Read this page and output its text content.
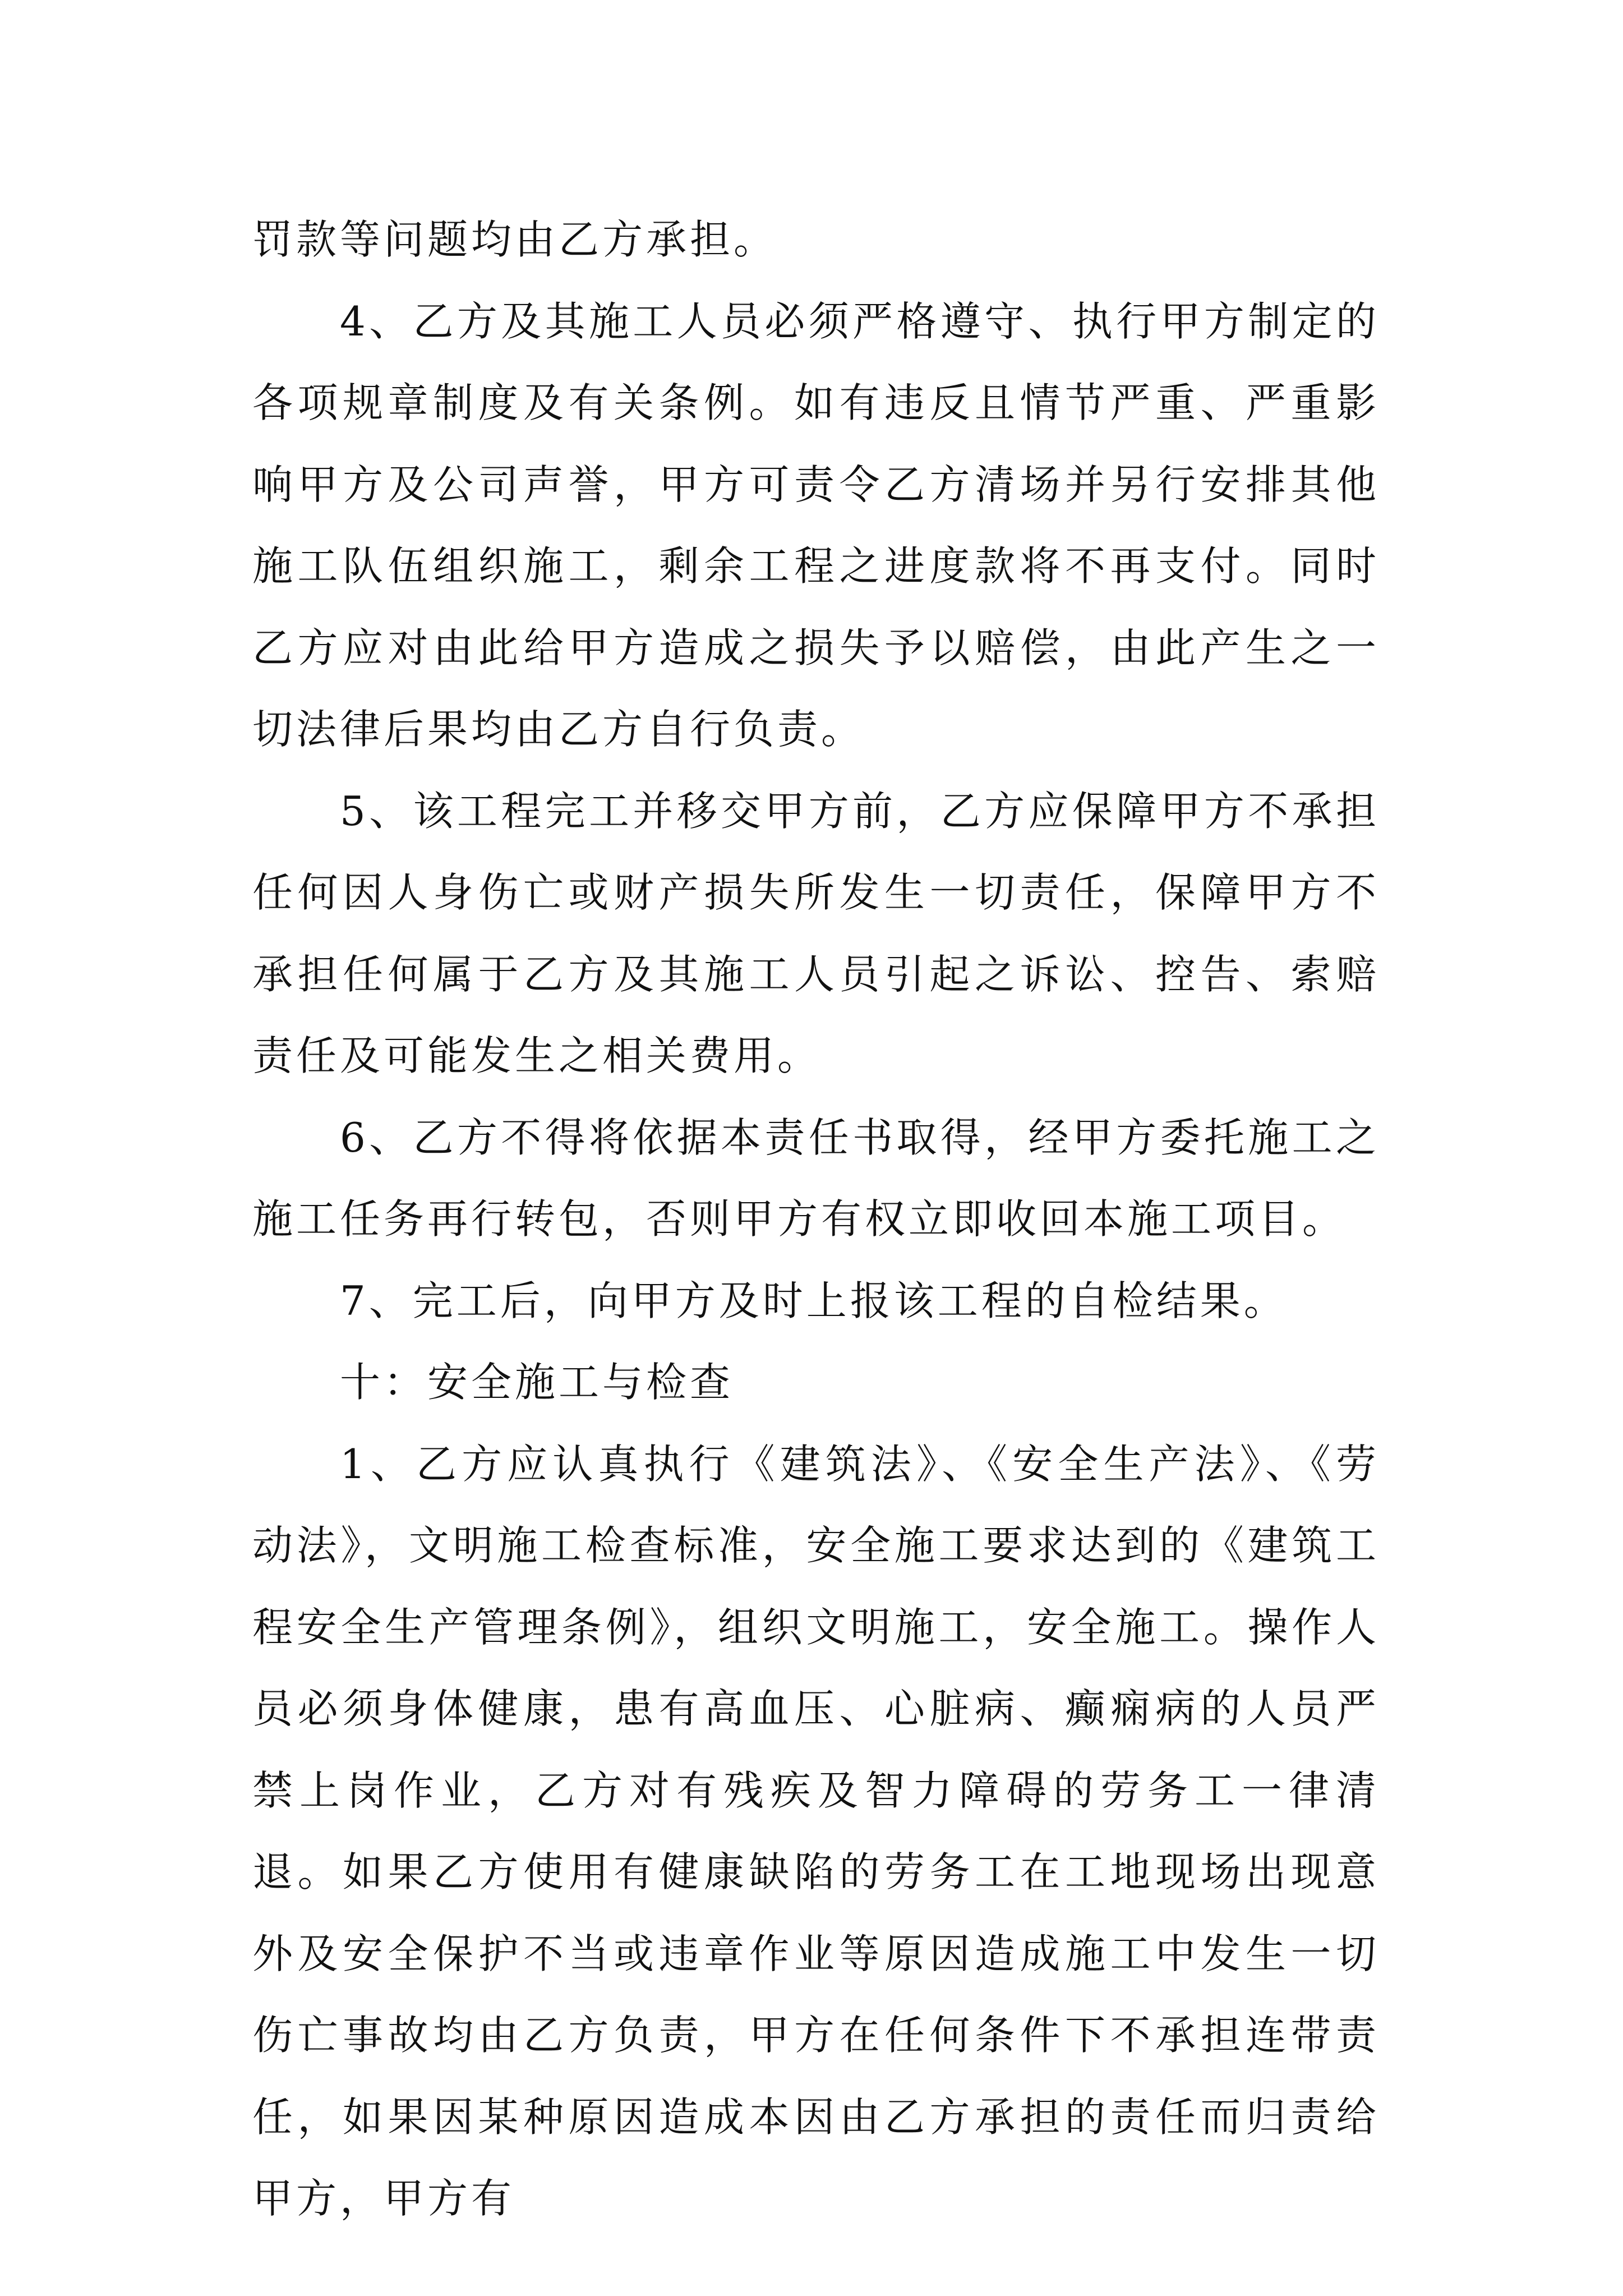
罚款等问题均由乙方承担。

4、乙方及其施工人员必须严格遵守、执行甲方制定的各项规章制度及有关条例。如有违反且情节严重、严重影响甲方及公司声誉，甲方可责令乙方清场并另行安排其他施工队伍组织施工，剩余工程之进度款将不再支付。同时乙方应对由此给甲方造成之损失予以赔偿，由此产生之一切法律后果均由乙方自行负责。

5、该工程完工并移交甲方前，乙方应保障甲方不承担任何因人身伤亡或财产损失所发生一切责任，保障甲方不承担任何属于乙方及其施工人员引起之诉讼、控告、索赔责任及可能发生之相关费用。

6、乙方不得将依据本责任书取得，经甲方委托施工之施工任务再行转包，否则甲方有权立即收回本施工项目。

7、完工后，向甲方及时上报该工程的自检结果。

十：安全施工与检查

1、乙方应认真执行《建筑法》、《安全生产法》、《劳动法》，文明施工检查标准，安全施工要求达到的《建筑工程安全生产管理条例》，组织文明施工，安全施工。操作人员必须身体健康，患有高血压、心脏病、癫痫病的人员严禁上岗作业，乙方对有残疾及智力障碍的劳务工一律清退。如果乙方使用有健康缺陷的劳务工在工地现场出现意外及安全保护不当或违章作业等原因造成施工中发生一切伤亡事故均由乙方负责，甲方在任何条件下不承担连带责任，如果因某种原因造成本因由乙方承担的责任而归责给甲方，甲方有
